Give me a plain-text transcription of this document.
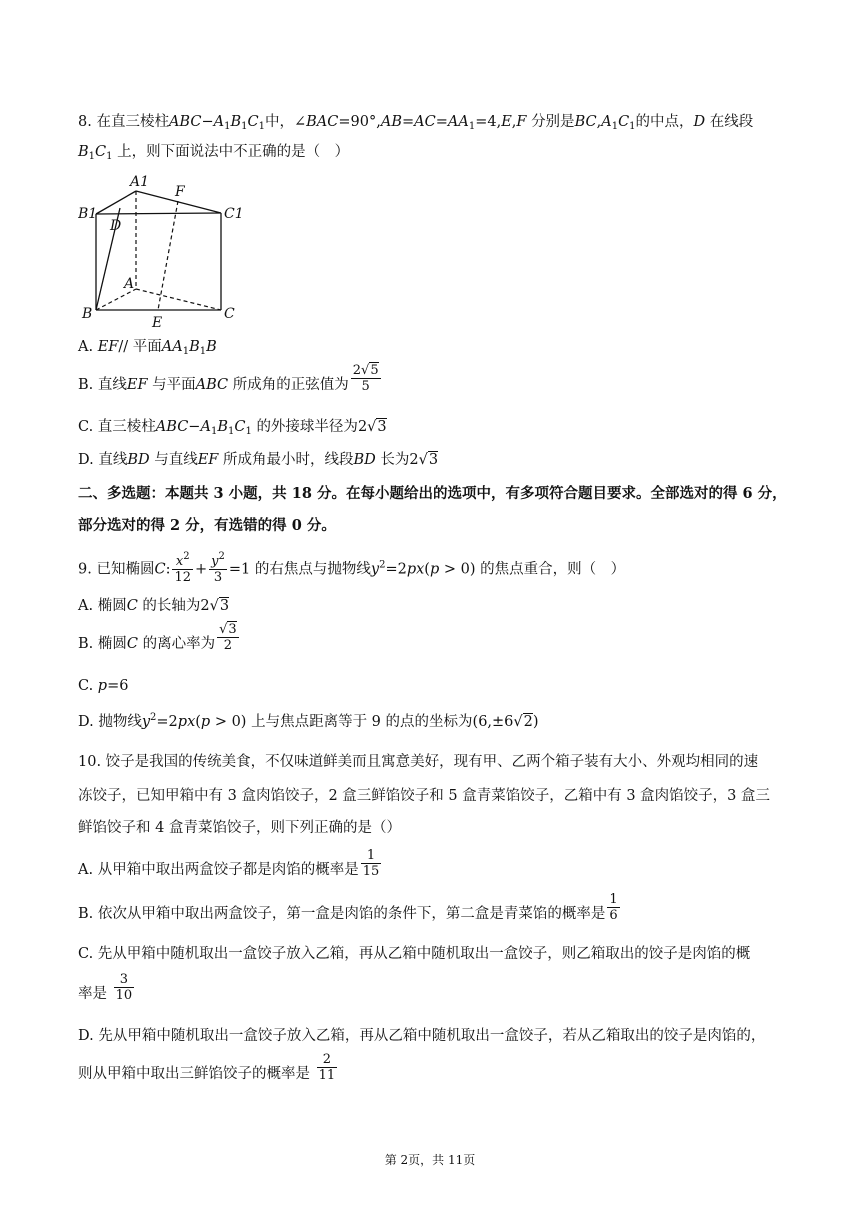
8. 在直三棱柱$ABC-A_1B_1C_1$中，$\angle BAC=90^\circ,AB=AC=AA_1=4,E,F$ 分别是$BC,A_1C_1$的中点，D 在线段
$B_1C_1$ 上，则下面说法中不正确的是（　）
A1
F
B1	C1
D
A
B
E
C
A. EF// 平面$AA_1B_1B$
B. 直线EF 与平面ABC 所成角的正弦值为 $\frac{2√5}{5}$
C. 直三棱柱$ABC-A_1B_1C_1$ 的外接球半径为2√3
D. 直线BD 与直线EF 所成角最小时，线段BD 长为2√3
二、多选题：本题共 3 小题，共 18 分。在每小题给出的选项中，有多项符合题目要求。全部选对的得 6 分，
部分选对的得 2 分，有选错的得 0 分。
9. 已知椭圆C: $\frac{x^2}{12} + \frac{y^2}{3} =1$ 的右焦点与抛物线$y^2=2px(p > 0)$ 的焦点重合，则（　）
A. 椭圆C 的长轴为2√3
B. 椭圆C 的离心率为 $\frac{√3}{2}$
C. p=6
D. 抛物线$y^2=2px(p > 0)$ 上与焦点距离等于 9 的点的坐标为(6,±6√2)
10. 饺子是我国的传统美食，不仅味道鲜美而且寓意美好，现有甲、乙两个箱子装有大小、外观均相同的速
冻饺子，已知甲箱中有 3 盒肉馅饺子，2 盒三鲜馅饺子和 5 盒青菜馅饺子，乙箱中有 3 盒肉馅饺子，3 盒三
鲜馅饺子和 4 盒青菜馅饺子，则下列正确的是（）
A. 从甲箱中取出两盒饺子都是肉馅的概率是 $\frac{1}{15}$
B. 依次从甲箱中取出两盒饺子，第一盒是肉馅的条件下，第二盒是青菜馅的概率是 $\frac{1}{6}$
C. 先从甲箱中随机取出一盒饺子放入乙箱，再从乙箱中随机取出一盒饺子，则乙箱取出的饺子是肉馅的概
率是 $\frac{3}{10}$
D. 先从甲箱中随机取出一盒饺子放入乙箱，再从乙箱中随机取出一盒饺子，若从乙箱取出的饺子是肉馅的，
则从甲箱中取出三鲜馅饺子的概率是 $\frac{2}{11}$
第 2页，共 11页
